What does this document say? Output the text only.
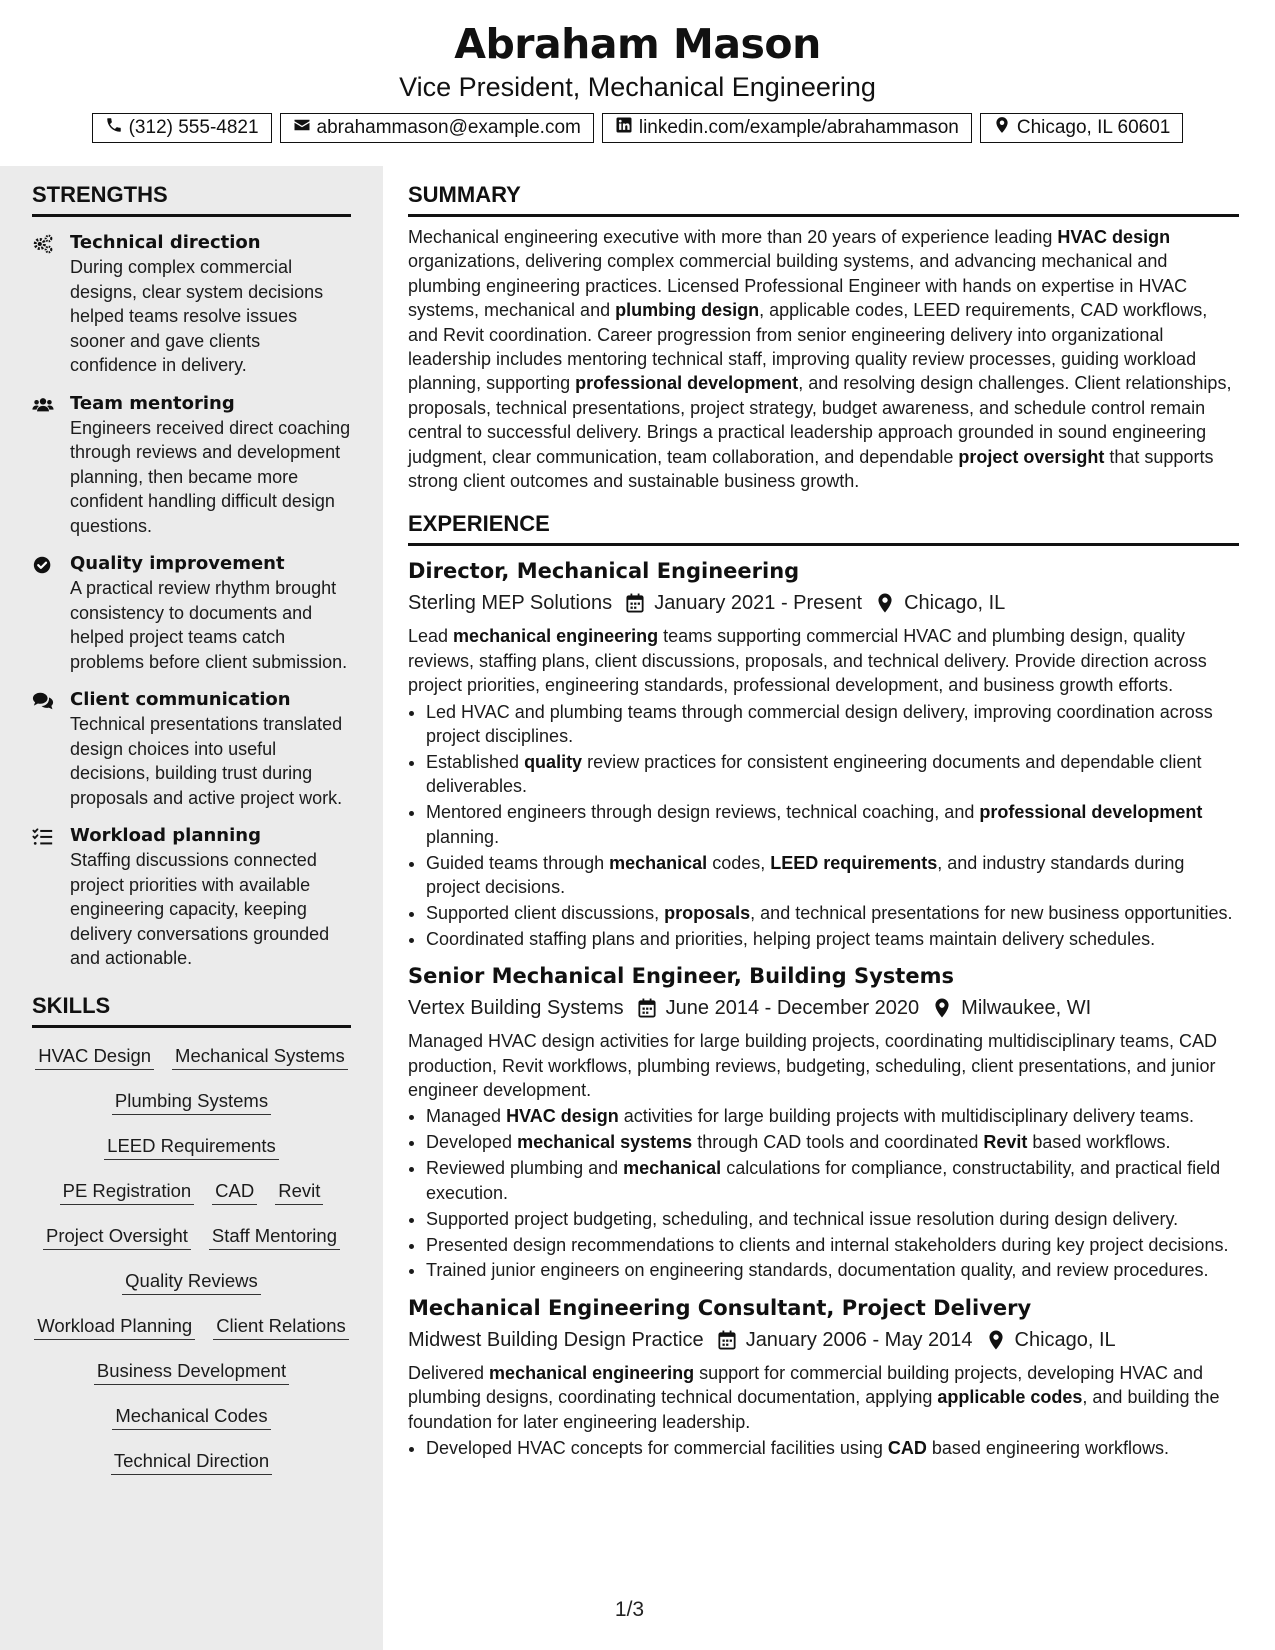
Abraham Mason
Vice President, Mechanical Engineering
(312) 555-4821	abrahammason@example.com	linkedin.com/example/abrahammason	Chicago, IL 60601
STRENGTHS
Technical direction
During complex commercial designs, clear system decisions helped teams resolve issues sooner and gave clients confidence in delivery.
Team mentoring
Engineers received direct coaching through reviews and development planning, then became more confident handling difficult design questions.
Quality improvement
A practical review rhythm brought consistency to documents and helped project teams catch problems before client submission.
Client communication
Technical presentations translated design choices into useful decisions, building trust during proposals and active project work.
Workload planning
Staffing discussions connected project priorities with available engineering capacity, keeping delivery conversations grounded and actionable.
SKILLS
HVAC Design Mechanical Systems
Plumbing Systems
LEED Requirements
PE Registration CAD Revit
Project Oversight Staff Mentoring
Quality Reviews
Workload Planning Client Relations
Business Development
Mechanical Codes
Technical Direction
SUMMARY
Mechanical engineering executive with more than 20 years of experience leading HVAC design organizations, delivering complex commercial building systems, and advancing mechanical and plumbing engineering practices. Licensed Professional Engineer with hands on expertise in HVAC systems, mechanical and plumbing design, applicable codes, LEED requirements, CAD workflows, and Revit coordination. Career progression from senior engineering delivery into organizational leadership includes mentoring technical staff, improving quality review processes, guiding workload planning, supporting professional development, and resolving design challenges. Client relationships, proposals, technical presentations, project strategy, budget awareness, and schedule control remain central to successful delivery. Brings a practical leadership approach grounded in sound engineering judgment, clear communication, team collaboration, and dependable project oversight that supports strong client outcomes and sustainable business growth.
EXPERIENCE
Director, Mechanical Engineering
Sterling MEP Solutions January 2021 - Present Chicago, IL
Lead mechanical engineering teams supporting commercial HVAC and plumbing design, quality reviews, staffing plans, client discussions, proposals, and technical delivery. Provide direction across project priorities, engineering standards, professional development, and business growth efforts.
• Led HVAC and plumbing teams through commercial design delivery, improving coordination across project disciplines.
• Established quality review practices for consistent engineering documents and dependable client deliverables.
• Mentored engineers through design reviews, technical coaching, and professional development planning.
• Guided teams through mechanical codes, LEED requirements, and industry standards during project decisions.
• Supported client discussions, proposals, and technical presentations for new business opportunities.
• Coordinated staffing plans and priorities, helping project teams maintain delivery schedules.
Senior Mechanical Engineer, Building Systems
Vertex Building Systems June 2014 - December 2020 Milwaukee, WI
Managed HVAC design activities for large building projects, coordinating multidisciplinary teams, CAD production, Revit workflows, plumbing reviews, budgeting, scheduling, client presentations, and junior engineer development.
• Managed HVAC design activities for large building projects with multidisciplinary delivery teams.
• Developed mechanical systems through CAD tools and coordinated Revit based workflows.
• Reviewed plumbing and mechanical calculations for compliance, constructability, and practical field execution.
• Supported project budgeting, scheduling, and technical issue resolution during design delivery.
• Presented design recommendations to clients and internal stakeholders during key project decisions.
• Trained junior engineers on engineering standards, documentation quality, and review procedures.
Mechanical Engineering Consultant, Project Delivery
Midwest Building Design Practice January 2006 - May 2014 Chicago, IL
Delivered mechanical engineering support for commercial building projects, developing HVAC and plumbing designs, coordinating technical documentation, applying applicable codes, and building the foundation for later engineering leadership.
• Developed HVAC concepts for commercial facilities using CAD based engineering workflows.
1/3
